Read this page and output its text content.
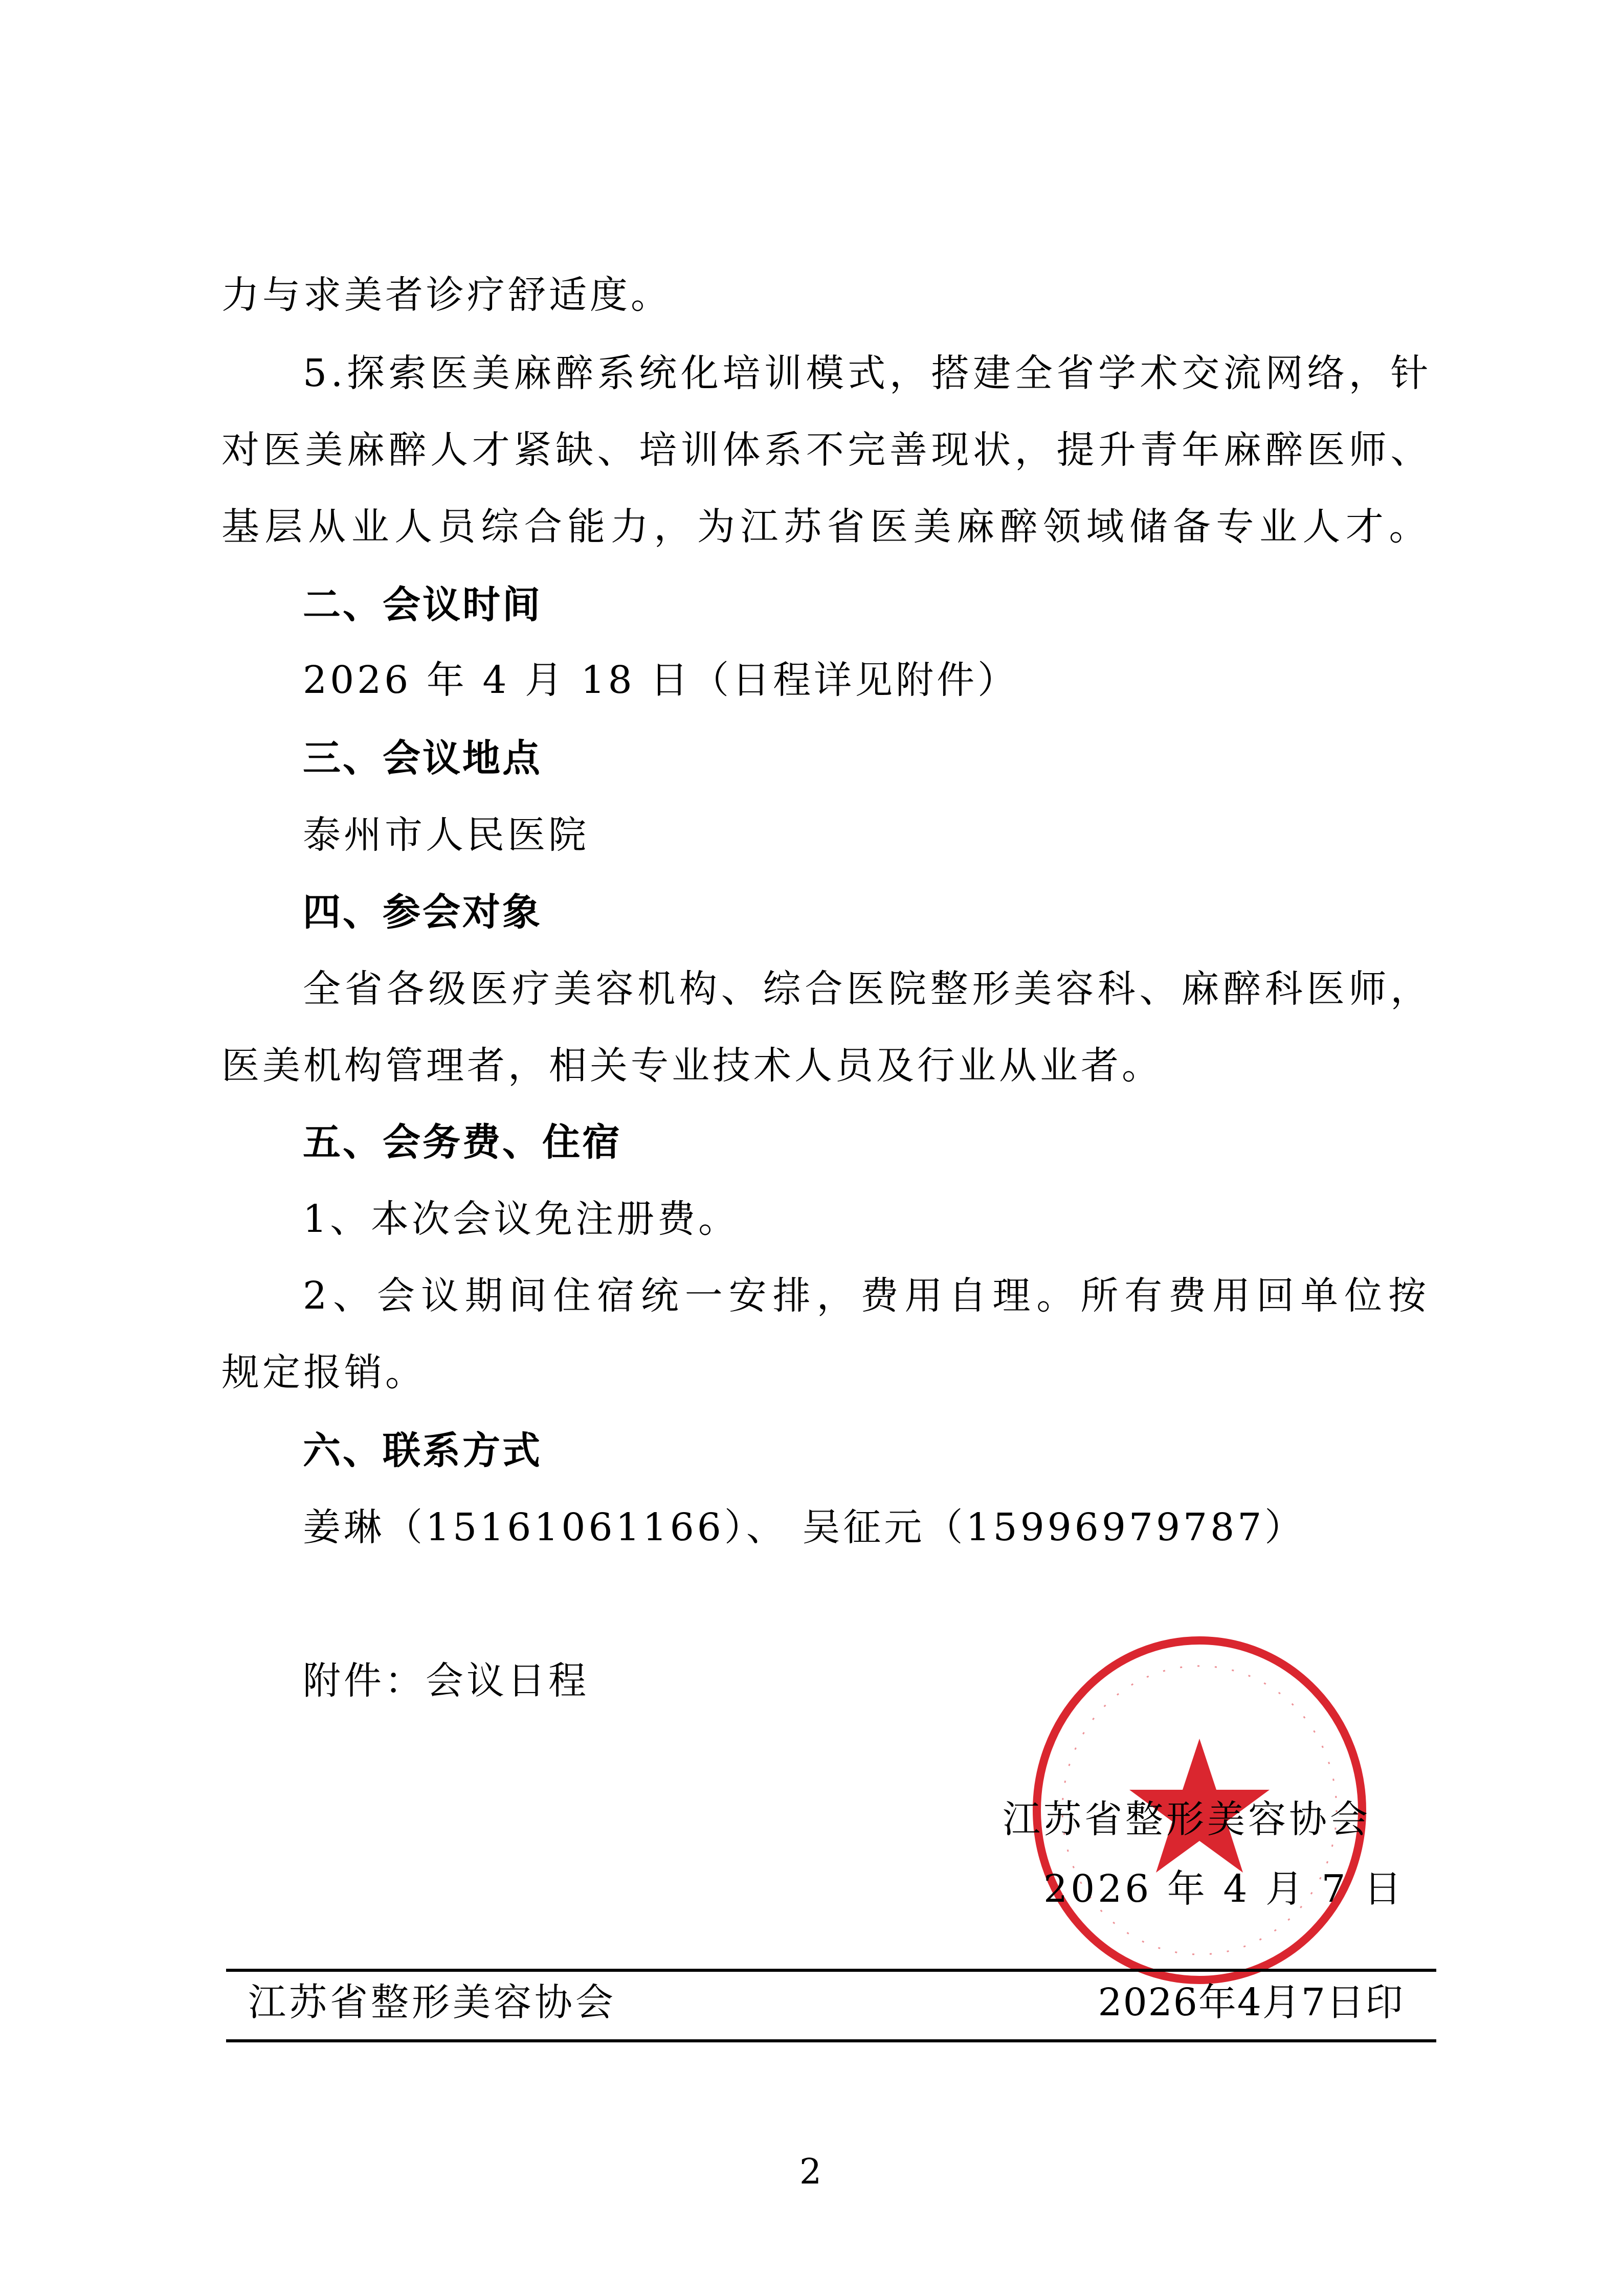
力与求美者诊疗舒适度。
5.探索医美麻醉系统化培训模式，搭建全省学术交流网络，针
对医美麻醉人才紧缺、培训体系不完善现状，提升青年麻醉医师、
基层从业人员综合能力，为江苏省医美麻醉领域储备专业人才。
二、会议时间
2026 年 4 月 18 日（日程详见附件）
三、会议地点
泰州市人民医院
四、参会对象
全省各级医疗美容机构、综合医院整形美容科、麻醉科医师，
医美机构管理者，相关专业技术人员及行业从业者。
五、会务费、住宿
1、本次会议免注册费。
2、会议期间住宿统一安排，费用自理。所有费用回单位按
规定报销。
六、联系方式
姜琳（15161061166）、 吴征元（15996979787）
附件：会议日程
江苏省整形美容协会
2026 年 4 月 7 日
江苏省整形美容协会	2026年4月7日印
2
